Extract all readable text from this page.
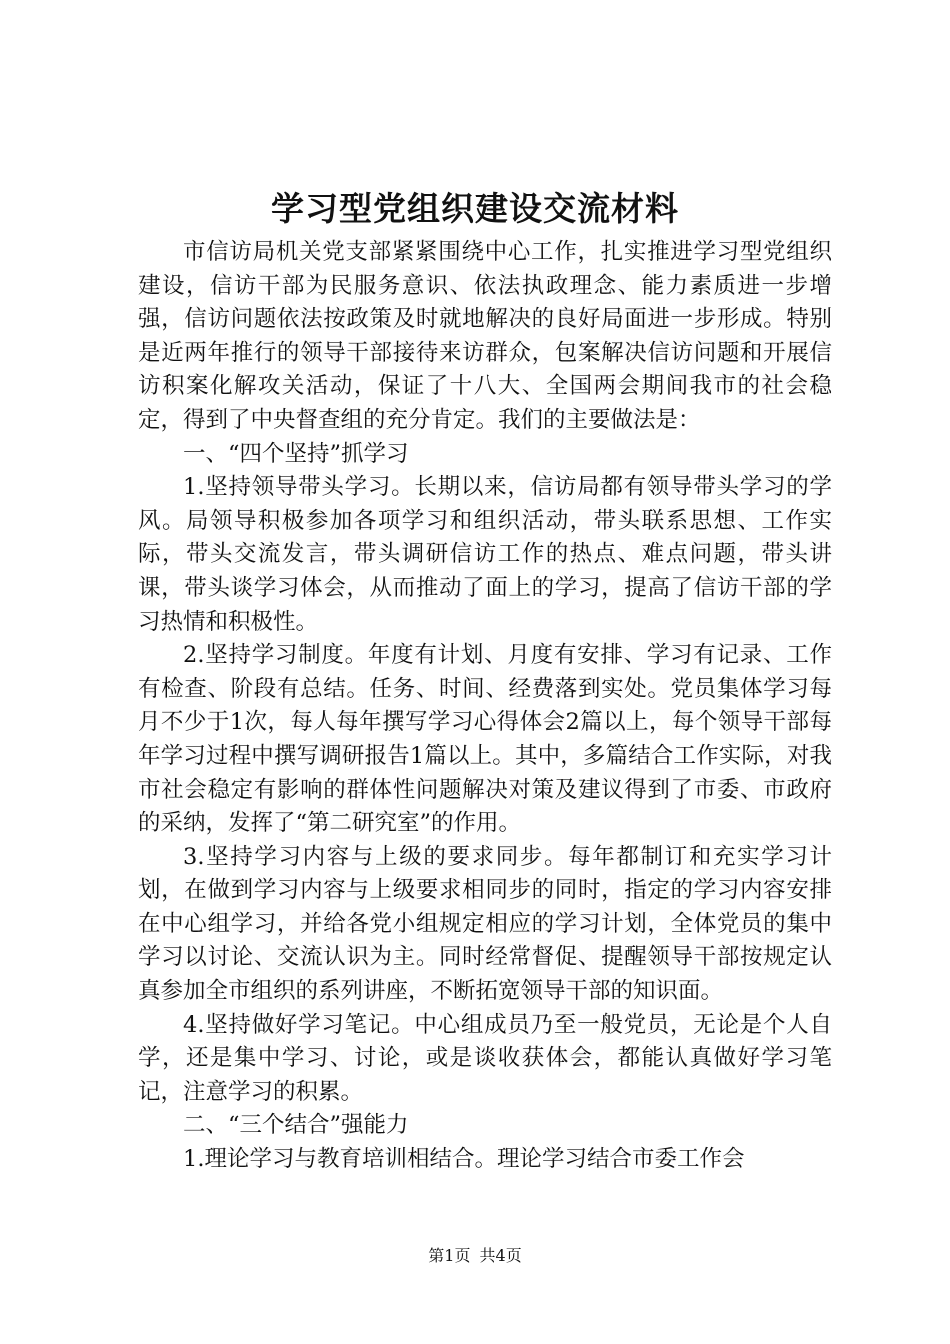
学习型党组织建设交流材料

市信访局机关党支部紧紧围绕中心工作，扎实推进学习型党组织建设，信访干部为民服务意识、依法执政理念、能力素质进一步增强，信访问题依法按政策及时就地解决的良好局面进一步形成。特别是近两年推行的领导干部接待来访群众，包案解决信访问题和开展信访积案化解攻关活动，保证了十八大、全国两会期间我市的社会稳定，得到了中央督查组的充分肯定。我们的主要做法是：

一、“四个坚持”抓学习

1.坚持领导带头学习。长期以来，信访局都有领导带头学习的学风。局领导积极参加各项学习和组织活动，带头联系思想、工作实际，带头交流发言，带头调研信访工作的热点、难点问题，带头讲课，带头谈学习体会，从而推动了面上的学习，提高了信访干部的学习热情和积极性。

2.坚持学习制度。年度有计划、月度有安排、学习有记录、工作有检查、阶段有总结。任务、时间、经费落到实处。党员集体学习每月不少于1次，每人每年撰写学习心得体会2篇以上，每个领导干部每年学习过程中撰写调研报告1篇以上。其中，多篇结合工作实际，对我市社会稳定有影响的群体性问题解决对策及建议得到了市委、市政府的采纳，发挥了“第二研究室”的作用。

3.坚持学习内容与上级的要求同步。每年都制订和充实学习计划，在做到学习内容与上级要求相同步的同时，指定的学习内容安排在中心组学习，并给各党小组规定相应的学习计划，全体党员的集中学习以讨论、交流认识为主。同时经常督促、提醒领导干部按规定认真参加全市组织的系列讲座，不断拓宽领导干部的知识面。

4.坚持做好学习笔记。中心组成员乃至一般党员，无论是个人自学，还是集中学习、讨论，或是谈收获体会，都能认真做好学习笔记，注意学习的积累。

二、“三个结合”强能力

1.理论学习与教育培训相结合。理论学习结合市委工作会

第1页 共4页
